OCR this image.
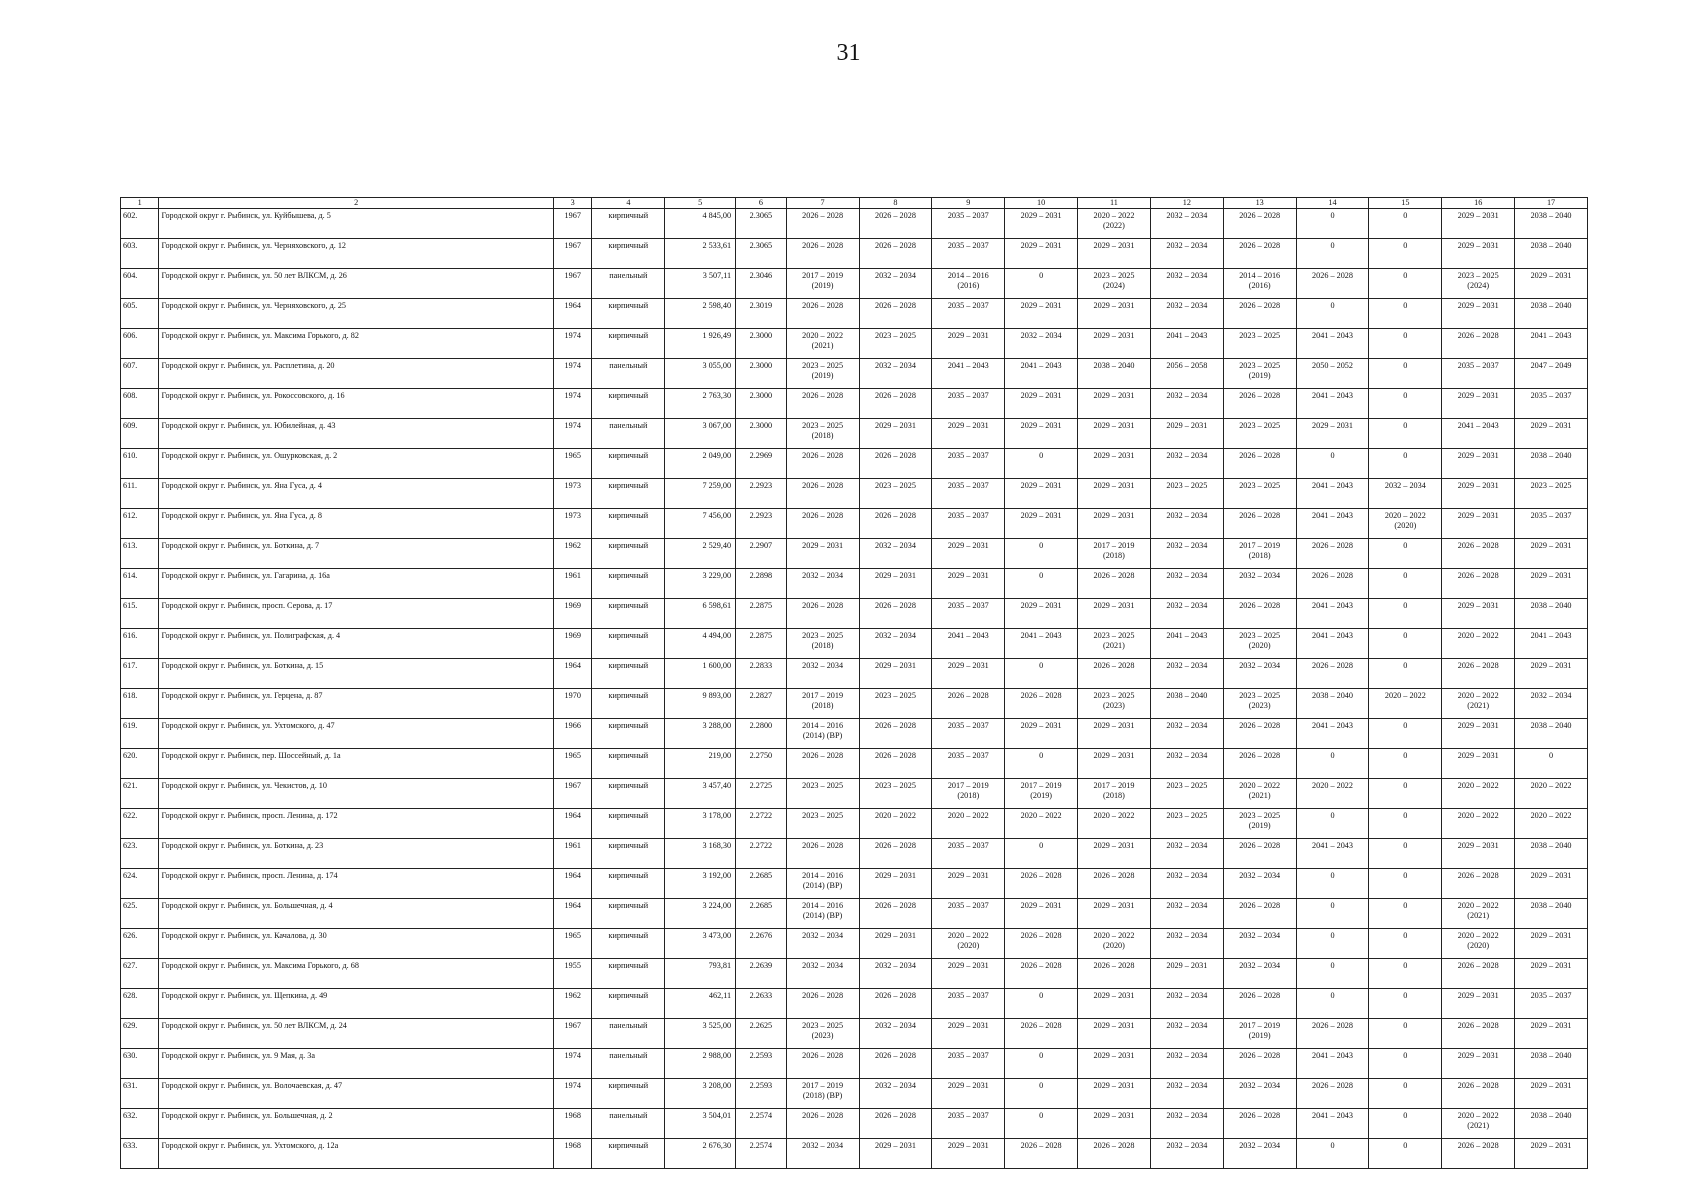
31
1	2	3	4	5	6	7	8	9	10	11	12	13	14	15	16	17

602.	Городской округ г. Рыбинск, ул. Куйбышева, д. 5	1967	кирпичный	4 845,00	2.3065	2026 – 2028	2026 – 2028	2035 – 2037	2029 – 2031	2020 – 2022
(2022)	2032 – 2034	2026 – 2028	0	0	2029 – 2031	2038 – 2040

603.	Городской округ г. Рыбинск, ул. Черняховского, д. 12	1967	кирпичный	2 533,61	2.3065	2026 – 2028	2026 – 2028	2035 – 2037	2029 – 2031	2029 – 2031	2032 – 2034	2026 – 2028	0	0	2029 – 2031	2038 – 2040

604.	Городской округ г. Рыбинск, ул. 50 лет ВЛКСМ, д. 26	1967	панельный	3 507,11	2.3046	2017 – 2019
(2019)	2032 – 2034	2014 – 2016
(2016)	0	2023 – 2025
(2024)	2032 – 2034	2014 – 2016
(2016)	2026 – 2028	0	2023 – 2025
(2024)	2029 – 2031

605.	Городской округ г. Рыбинск, ул. Черняховского, д. 25	1964	кирпичный	2 598,40	2.3019	2026 – 2028	2026 – 2028	2035 – 2037	2029 – 2031	2029 – 2031	2032 – 2034	2026 – 2028	0	0	2029 – 2031	2038 – 2040

606.	Городской округ г. Рыбинск, ул. Максима Горького, д. 82	1974	кирпичный	1 926,49	2.3000	2020 – 2022
(2021)	2023 – 2025	2029 – 2031	2032 – 2034	2029 – 2031	2041 – 2043	2023 – 2025	2041 – 2043	0	2026 – 2028	2041 – 2043

607.	Городской округ г. Рыбинск, ул. Расплетина, д. 20	1974	панельный	3 055,00	2.3000	2023 – 2025
(2019)	2032 – 2034	2041 – 2043	2041 – 2043	2038 – 2040	2056 – 2058	2023 – 2025
(2019)	2050 – 2052	0	2035 – 2037	2047 – 2049

608.	Городской округ г. Рыбинск, ул. Рокоссовского, д. 16	1974	кирпичный	2 763,30	2.3000	2026 – 2028	2026 – 2028	2035 – 2037	2029 – 2031	2029 – 2031	2032 – 2034	2026 – 2028	2041 – 2043	0	2029 – 2031	2035 – 2037

609.	Городской округ г. Рыбинск, ул. Юбилейная, д. 43	1974	панельный	3 067,00	2.3000	2023 – 2025
(2018)	2029 – 2031	2029 – 2031	2029 – 2031	2029 – 2031	2029 – 2031	2023 – 2025	2029 – 2031	0	2041 – 2043	2029 – 2031

610.	Городской округ г. Рыбинск, ул. Ошурковская, д. 2	1965	кирпичный	2 049,00	2.2969	2026 – 2028	2026 – 2028	2035 – 2037	0	2029 – 2031	2032 – 2034	2026 – 2028	0	0	2029 – 2031	2038 – 2040

611.	Городской округ г. Рыбинск, ул. Яна Гуса, д. 4	1973	кирпичный	7 259,00	2.2923	2026 – 2028	2023 – 2025	2035 – 2037	2029 – 2031	2029 – 2031	2023 – 2025	2023 – 2025	2041 – 2043	2032 – 2034	2029 – 2031	2023 – 2025

612.	Городской округ г. Рыбинск, ул. Яна Гуса, д. 8	1973	кирпичный	7 456,00	2.2923	2026 – 2028	2026 – 2028	2035 – 2037	2029 – 2031	2029 – 2031	2032 – 2034	2026 – 2028	2041 – 2043	2020 – 2022
(2020)	2029 – 2031	2035 – 2037

613.	Городской округ г. Рыбинск, ул. Боткина, д. 7	1962	кирпичный	2 529,40	2.2907	2029 – 2031	2032 – 2034	2029 – 2031	0	2017 – 2019
(2018)	2032 – 2034	2017 – 2019
(2018)	2026 – 2028	0	2026 – 2028	2029 – 2031

614.	Городской округ г. Рыбинск, ул. Гагарина, д. 16а	1961	кирпичный	3 229,00	2.2898	2032 – 2034	2029 – 2031	2029 – 2031	0	2026 – 2028	2032 – 2034	2032 – 2034	2026 – 2028	0	2026 – 2028	2029 – 2031

615.	Городской округ г. Рыбинск, просп. Серова, д. 17	1969	кирпичный	6 598,61	2.2875	2026 – 2028	2026 – 2028	2035 – 2037	2029 – 2031	2029 – 2031	2032 – 2034	2026 – 2028	2041 – 2043	0	2029 – 2031	2038 – 2040

616.	Городской округ г. Рыбинск, ул. Полиграфская, д. 4	1969	кирпичный	4 494,00	2.2875	2023 – 2025
(2018)	2032 – 2034	2041 – 2043	2041 – 2043	2023 – 2025
(2021)	2041 – 2043	2023 – 2025
(2020)	2041 – 2043	0	2020 – 2022	2041 – 2043

617.	Городской округ г. Рыбинск, ул. Боткина, д. 15	1964	кирпичный	1 600,00	2.2833	2032 – 2034	2029 – 2031	2029 – 2031	0	2026 – 2028	2032 – 2034	2032 – 2034	2026 – 2028	0	2026 – 2028	2029 – 2031

618.	Городской округ г. Рыбинск, ул. Герцена, д. 87	1970	кирпичный	9 893,00	2.2827	2017 – 2019
(2018)	2023 – 2025	2026 – 2028	2026 – 2028	2023 – 2025
(2023)	2038 – 2040	2023 – 2025
(2023)	2038 – 2040	2020 – 2022	2020 – 2022
(2021)	2032 – 2034

619.	Городской округ г. Рыбинск, ул. Ухтомского, д. 47	1966	кирпичный	3 288,00	2.2800	2014 – 2016
(2014) (ВР)	2026 – 2028	2035 – 2037	2029 – 2031	2029 – 2031	2032 – 2034	2026 – 2028	2041 – 2043	0	2029 – 2031	2038 – 2040

620.	Городской округ г. Рыбинск, пер. Шоссейный, д. 1а	1965	кирпичный	219,00	2.2750	2026 – 2028	2026 – 2028	2035 – 2037	0	2029 – 2031	2032 – 2034	2026 – 2028	0	0	2029 – 2031	0

621.	Городской округ г. Рыбинск, ул. Чекистов, д. 10	1967	кирпичный	3 457,40	2.2725	2023 – 2025	2023 – 2025	2017 – 2019
(2018)	2017 – 2019
(2019)	2017 – 2019
(2018)	2023 – 2025	2020 – 2022
(2021)	2020 – 2022	0	2020 – 2022	2020 – 2022

622.	Городской округ г. Рыбинск, просп. Ленина, д. 172	1964	кирпичный	3 178,00	2.2722	2023 – 2025	2020 – 2022	2020 – 2022	2020 – 2022	2020 – 2022	2023 – 2025	2023 – 2025
(2019)	0	0	2020 – 2022	2020 – 2022

623.	Городской округ г. Рыбинск, ул. Боткина, д. 23	1961	кирпичный	3 168,30	2.2722	2026 – 2028	2026 – 2028	2035 – 2037	0	2029 – 2031	2032 – 2034	2026 – 2028	2041 – 2043	0	2029 – 2031	2038 – 2040

624.	Городской округ г. Рыбинск, просп. Ленина, д. 174	1964	кирпичный	3 192,00	2.2685	2014 – 2016
(2014) (ВР)	2029 – 2031	2029 – 2031	2026 – 2028	2026 – 2028	2032 – 2034	2032 – 2034	0	0	2026 – 2028	2029 – 2031

625.	Городской округ г. Рыбинск, ул. Большечная, д. 4	1964	кирпичный	3 224,00	2.2685	2014 – 2016
(2014) (ВР)	2026 – 2028	2035 – 2037	2029 – 2031	2029 – 2031	2032 – 2034	2026 – 2028	0	0	2020 – 2022
(2021)	2038 – 2040

626.	Городской округ г. Рыбинск, ул. Качалова, д. 30	1965	кирпичный	3 473,00	2.2676	2032 – 2034	2029 – 2031	2020 – 2022
(2020)	2026 – 2028	2020 – 2022
(2020)	2032 – 2034	2032 – 2034	0	0	2020 – 2022
(2020)	2029 – 2031

627.	Городской округ г. Рыбинск, ул. Максима Горького, д. 68	1955	кирпичный	793,81	2.2639	2032 – 2034	2032 – 2034	2029 – 2031	2026 – 2028	2026 – 2028	2029 – 2031	2032 – 2034	0	0	2026 – 2028	2029 – 2031

628.	Городской округ г. Рыбинск, ул. Щепкина, д. 49	1962	кирпичный	462,11	2.2633	2026 – 2028	2026 – 2028	2035 – 2037	0	2029 – 2031	2032 – 2034	2026 – 2028	0	0	2029 – 2031	2035 – 2037

629.	Городской округ г. Рыбинск, ул. 50 лет ВЛКСМ, д. 24	1967	панельный	3 525,00	2.2625	2023 – 2025
(2023)	2032 – 2034	2029 – 2031	2026 – 2028	2029 – 2031	2032 – 2034	2017 – 2019
(2019)	2026 – 2028	0	2026 – 2028	2029 – 2031

630.	Городской округ г. Рыбинск, ул. 9 Мая, д. 3а	1974	панельный	2 988,00	2.2593	2026 – 2028	2026 – 2028	2035 – 2037	0	2029 – 2031	2032 – 2034	2026 – 2028	2041 – 2043	0	2029 – 2031	2038 – 2040

631.	Городской округ г. Рыбинск, ул. Волочаевская, д. 47	1974	кирпичный	3 208,00	2.2593	2017 – 2019
(2018) (ВР)	2032 – 2034	2029 – 2031	0	2029 – 2031	2032 – 2034	2032 – 2034	2026 – 2028	0	2026 – 2028	2029 – 2031

632.	Городской округ г. Рыбинск, ул. Большечная, д. 2	1968	панельный	3 504,01	2.2574	2026 – 2028	2026 – 2028	2035 – 2037	0	2029 – 2031	2032 – 2034	2026 – 2028	2041 – 2043	0	2020 – 2022
(2021)	2038 – 2040

633.	Городской округ г. Рыбинск, ул. Ухтомского, д. 12а	1968	кирпичный	2 676,30	2.2574	2032 – 2034	2029 – 2031	2029 – 2031	2026 – 2028	2026 – 2028	2032 – 2034	2032 – 2034	0	0	2026 – 2028	2029 – 2031
